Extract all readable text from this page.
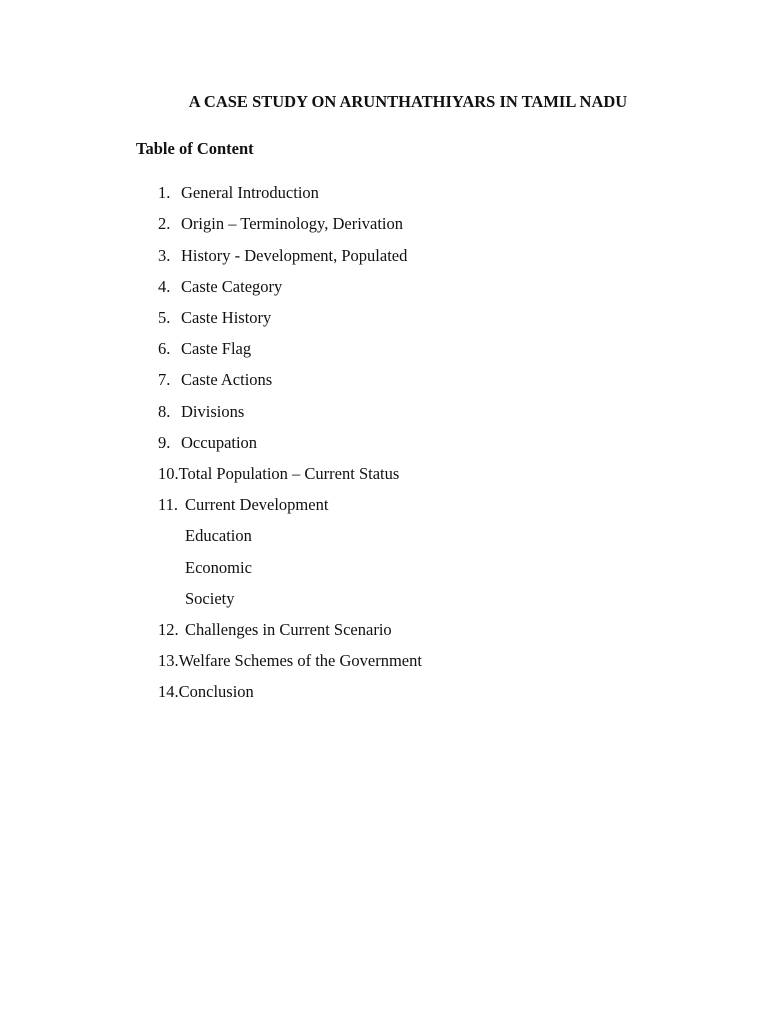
A CASE STUDY ON ARUNTHATHIYARS IN TAMIL NADU
Table of Content
1. General Introduction
2. Origin – Terminology, Derivation
3. History - Development, Populated
4. Caste Category
5. Caste History
6. Caste Flag
7. Caste Actions
8. Divisions
9. Occupation
10.Total Population – Current Status
11. Current Development
Education
Economic
Society
12. Challenges in Current Scenario
13.Welfare Schemes of the Government
14.Conclusion
